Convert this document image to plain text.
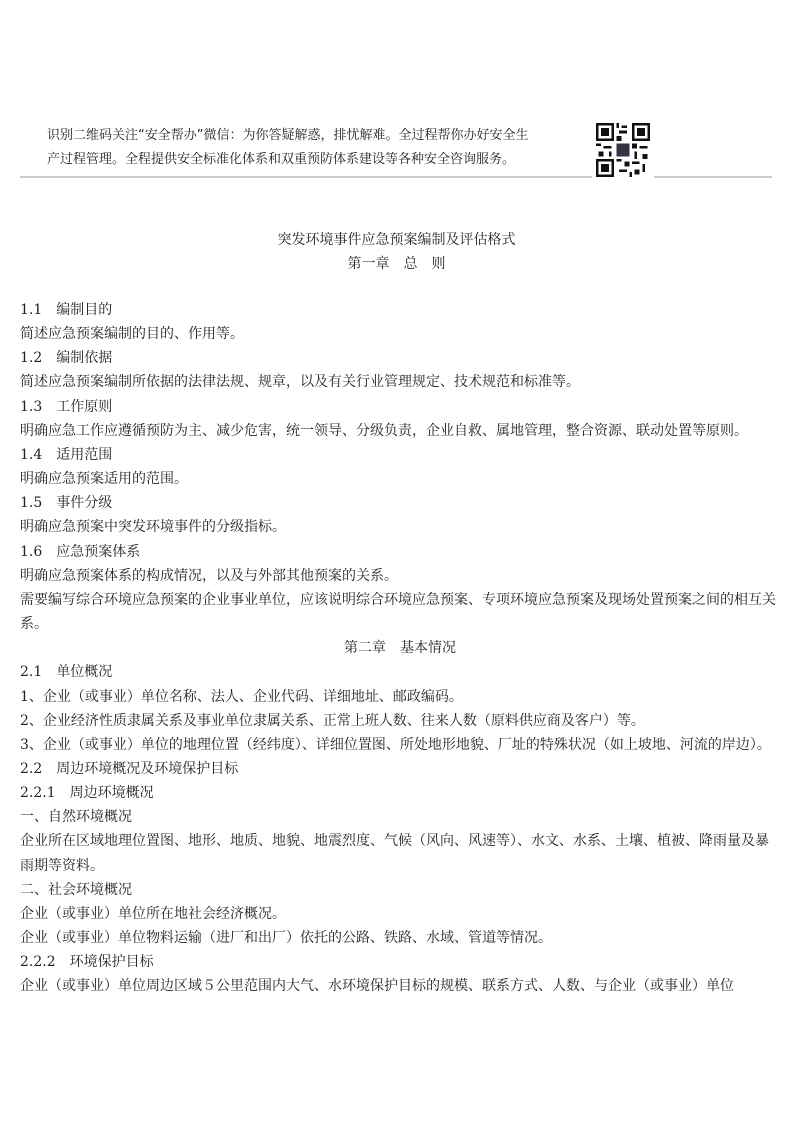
识别二维码关注“安全帮办”微信：为你答疑解惑，排忧解难。全过程帮你办好安全生
产过程管理。全程提供安全标准化体系和双重预防体系建设等各种安全咨询服务。
突发环境事件应急预案编制及评估格式
第一章　总　则
1.1　编制目的
简述应急预案编制的目的、作用等。
1.2　编制依据
简述应急预案编制所依据的法律法规、规章，以及有关行业管理规定、技术规范和标准等。
1.3　工作原则
明确应急工作应遵循预防为主、减少危害，统一领导、分级负责，企业自救、属地管理，整合资源、联动处置等原则。
1.4　适用范围
明确应急预案适用的范围。
1.5　事件分级
明确应急预案中突发环境事件的分级指标。
1.6　应急预案体系
明确应急预案体系的构成情况，以及与外部其他预案的关系。
需要编写综合环境应急预案的企业事业单位，应该说明综合环境应急预案、专项环境应急预案及现场处置预案之间的相互关系。
第二章　基本情况
2.1　单位概况
1、企业（或事业）单位名称、法人、企业代码、详细地址、邮政编码。
2、企业经济性质隶属关系及事业单位隶属关系、正常上班人数、往来人数（原料供应商及客户）等。
3、企业（或事业）单位的地理位置（经纬度）、详细位置图、所处地形地貌、厂址的特殊状况（如上坡地、河流的岸边）。
2.2　周边环境概况及环境保护目标
2.2.1　周边环境概况
一、自然环境概况
企业所在区域地理位置图、地形、地质、地貌、地震烈度、气候（风向、风速等）、水文、水系、土壤、植被、降雨量及暴雨期等资料。
二、社会环境概况
企业（或事业）单位所在地社会经济概况。
企业（或事业）单位物料运输（进厂和出厂）依托的公路、铁路、水域、管道等情况。
2.2.2　环境保护目标
企业（或事业）单位周边区域５公里范围内大气、水环境保护目标的规模、联系方式、人数、与企业（或事业）单位
